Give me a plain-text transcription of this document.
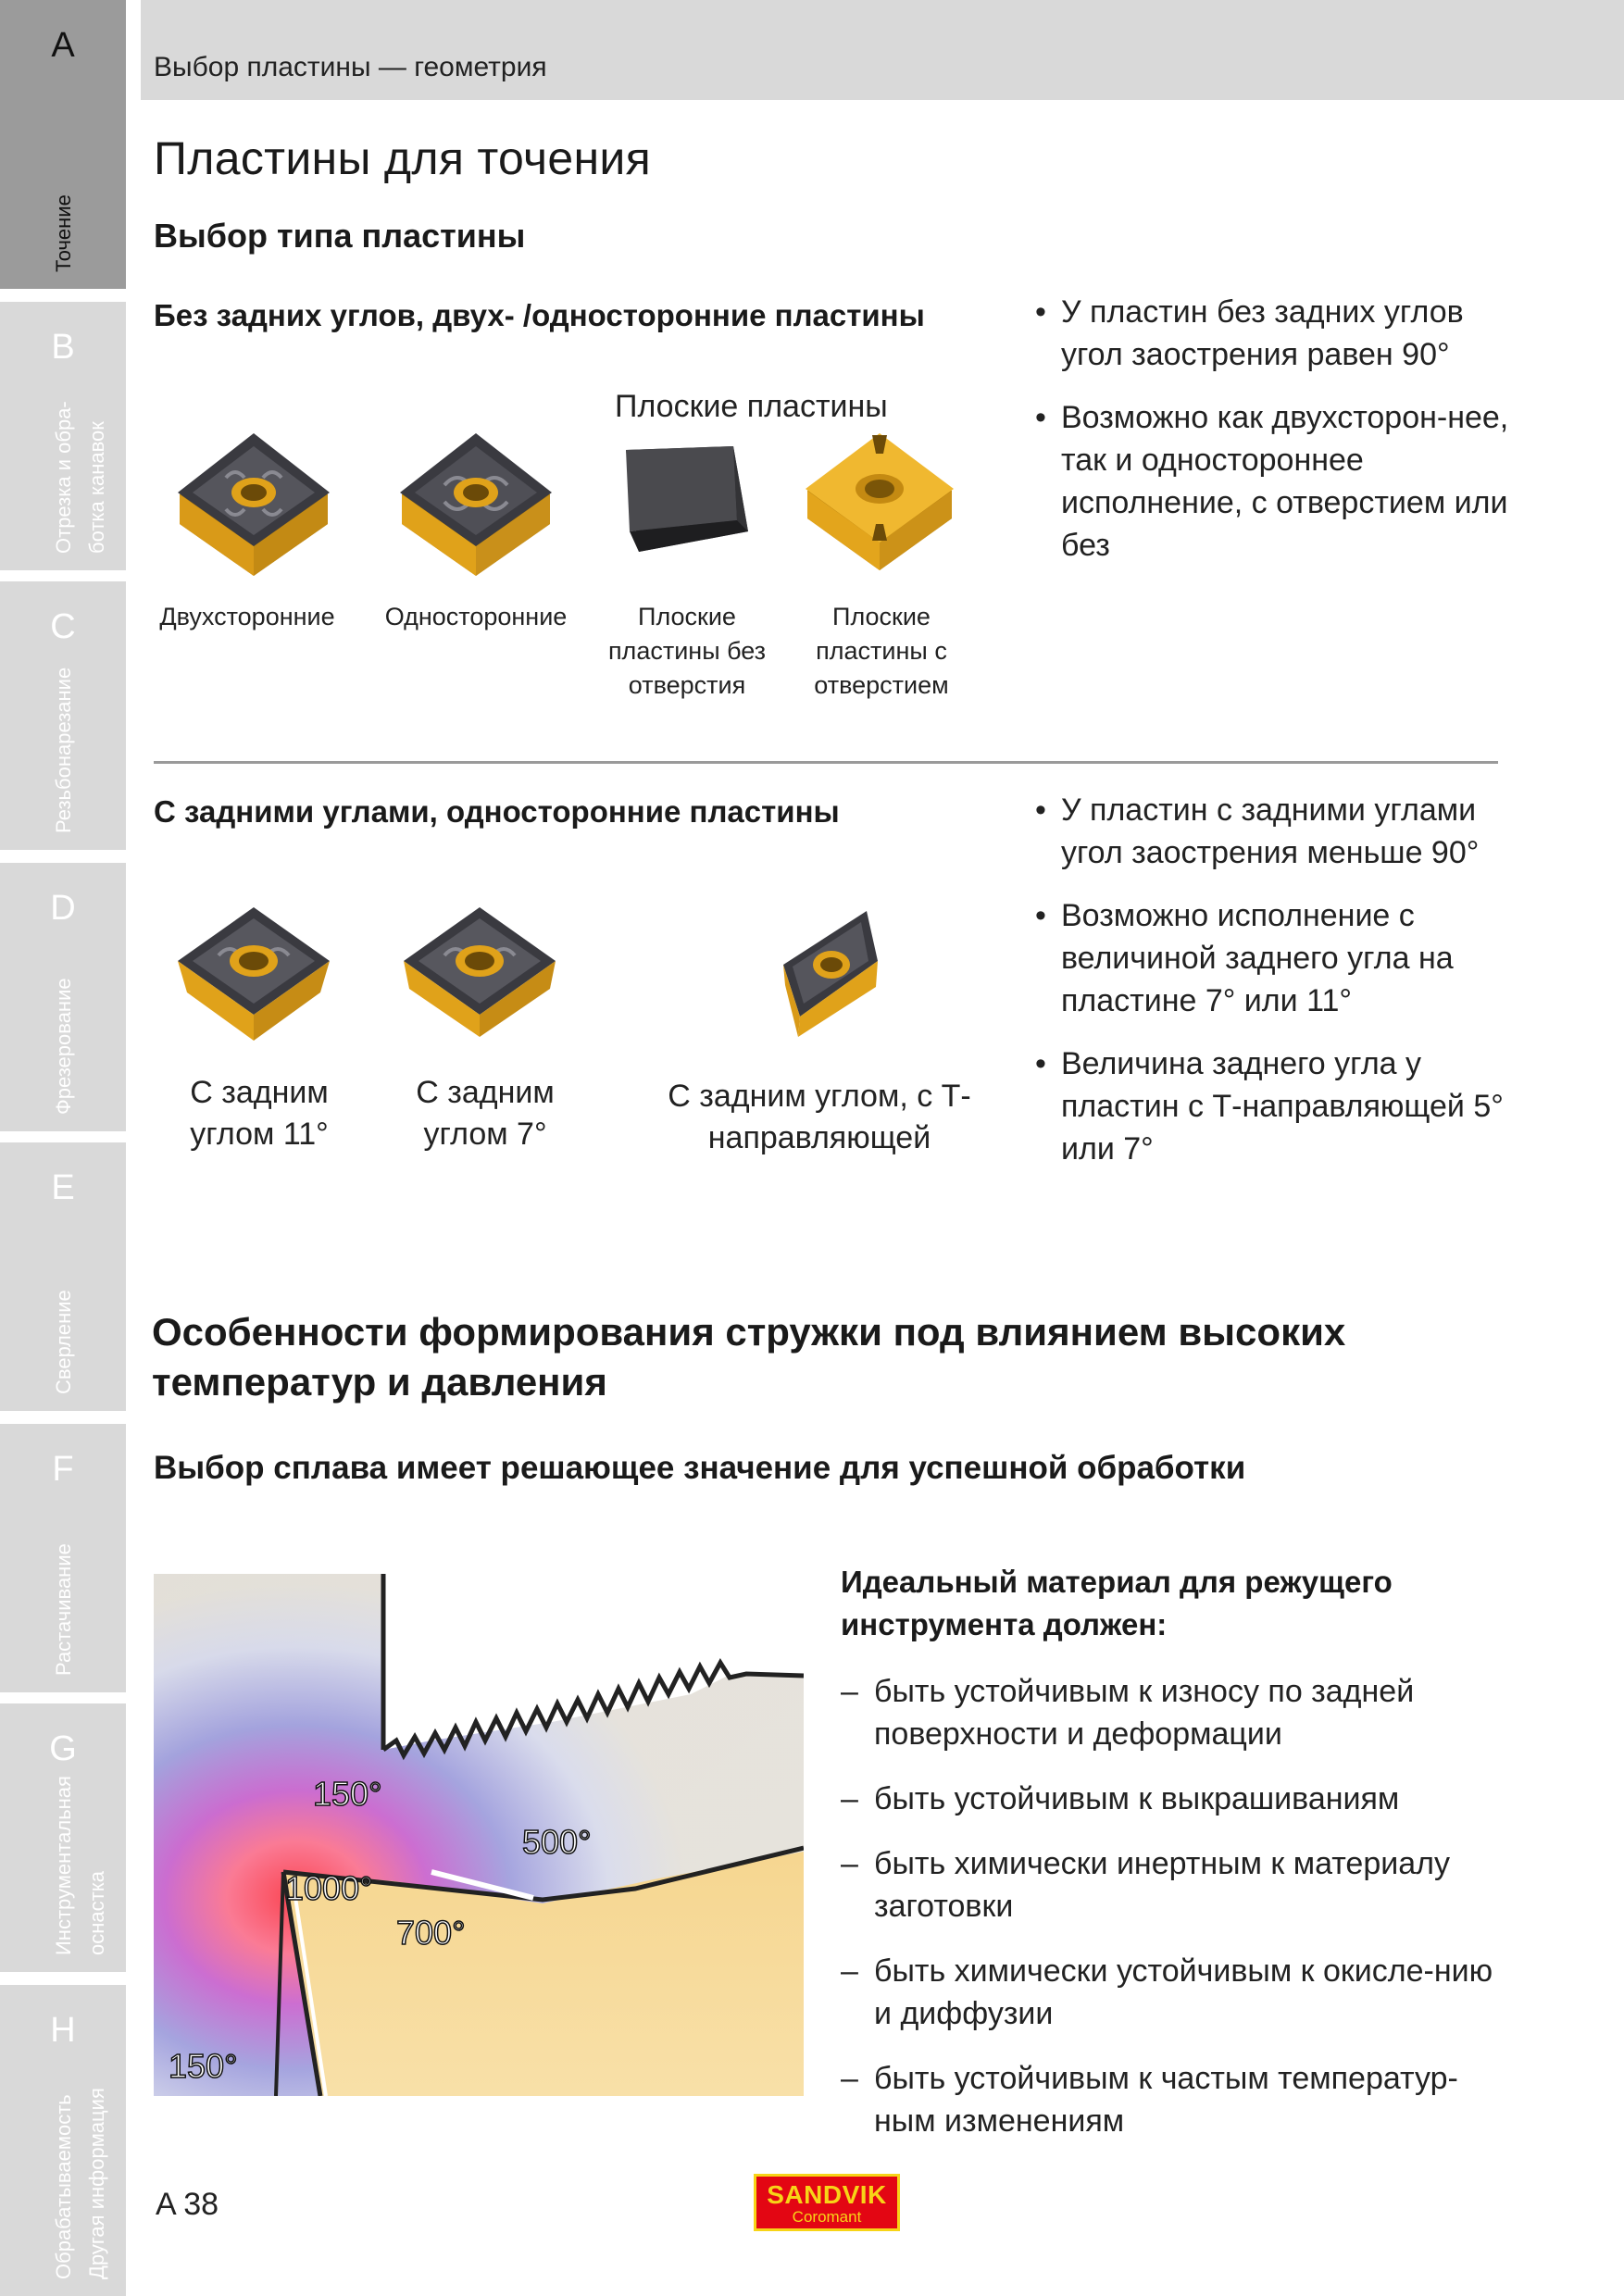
A
Точение
B
Отрезка и обра- ботка канавок
C
Резьбонарезание
D
Фрезерование
E
Сверление
F
Растачивание
G
Инструментальная оснастка
H
Обрабатываемость Другая информация
Выбор пластины — геометрия
Пластины для точения
Выбор типа пластины
Без задних углов, двух- /односторонние пластины
Плоские пластины
Двухсторонние	Односторонние	Плоские пластины без отверстия
Плоские пластины с отверстием
• У пластин без задних углов угол заострения равен 90°
• Возможно как двухсторон-нее, так и одностороннее исполнение, с отверстием или без
С задними углами, односторонние пластины
С задним углом 11°
С задним углом 7°
С задним углом, с Т-направляющей
• У пластин с задними углами угол заострения меньше 90°
• Возможно исполнение с величиной заднего угла на пластине 7° или 11°
• Величина заднего угла у пластин с Т-направляющей 5° или 7°
Особенности формирования стружки под влиянием высоких температур и давления
Выбор сплава имеет решающее значение для успешной обработки
150°
500°
1000°
700°
150°
Идеальный материал для режущего инструмента должен:
– быть устойчивым к износу по задней поверхности и деформации
– быть устойчивым к выкрашиваниям
– быть химически инертным к материалу заготовки
– быть химически устойчивым к окисле-нию и диффузии
– быть устойчивым к частым температур-ным изменениям
A 38	SANDVIK
Coromant
